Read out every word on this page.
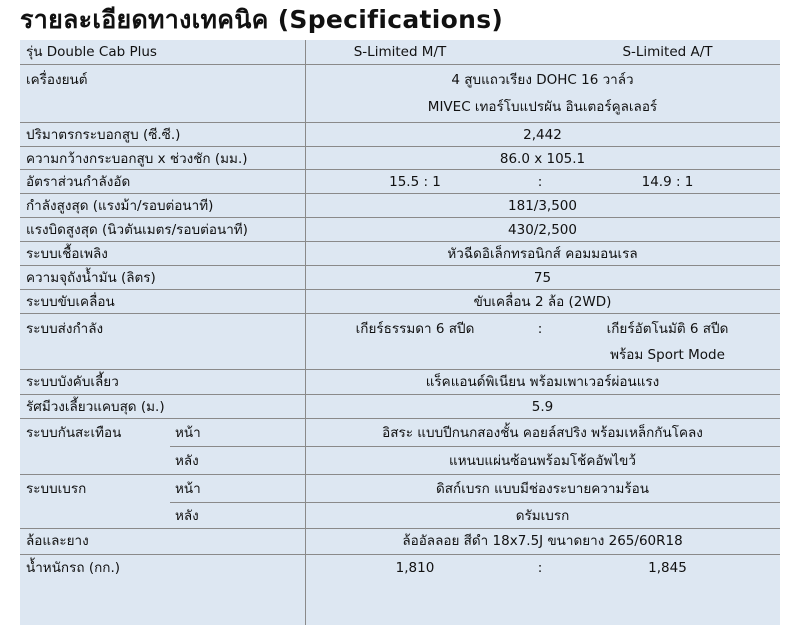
รายละเอียดทางเทคนิค (Specifications)
รุ่น Double Cab Plus	S-Limited M/T	S-Limited A/T
เครื่องยนต์	4 สูบแถวเรียง DOHC 16 วาล์ว
MIVEC เทอร์โบแปรผัน อินเตอร์คูลเลอร์
ปริมาตรกระบอกสูบ (ซี.ซี.)	2,442
ความกว้างกระบอกสูบ x ช่วงชัก (มม.)	86.0 x 105.1
อัตราส่วนกำลังอัด	15.5 : 1	:	14.9 : 1
กำลังสูงสุด (แรงม้า/รอบต่อนาที)	181/3,500
แรงบิดสูงสุด (นิวตันเมตร/รอบต่อนาที)	430/2,500
ระบบเชื้อเพลิง	หัวฉีดอิเล็กทรอนิกส์ คอมมอนเรล
ความจุถังน้ำมัน (ลิตร)	75
ระบบขับเคลื่อน	ขับเคลื่อน 2 ล้อ (2WD)
ระบบส่งกำลัง	เกียร์ธรรมดา 6 สปีด	:	เกียร์อัตโนมัติ 6 สปีด
พร้อม Sport Mode
ระบบบังคับเลี้ยว	แร็คแอนด์พิเนียน พร้อมเพาเวอร์ผ่อนแรง
รัศมีวงเลี้ยวแคบสุด (ม.)	5.9
ระบบกันสะเทือน	หน้า	อิสระ แบบปีกนกสองชั้น คอยล์สปริง พร้อมเหล็กกันโคลง
หลัง	แหนบแผ่นซ้อนพร้อมโช้คอัพไขว้
ระบบเบรก	หน้า	ดิสก์เบรก แบบมีช่องระบายความร้อน
หลัง	ดรัมเบรก
ล้อและยาง	ล้ออัลลอย สีดำ 18x7.5J ขนาดยาง 265/60R18
น้ำหนักรถ (กก.)	1,810	:	1,845
